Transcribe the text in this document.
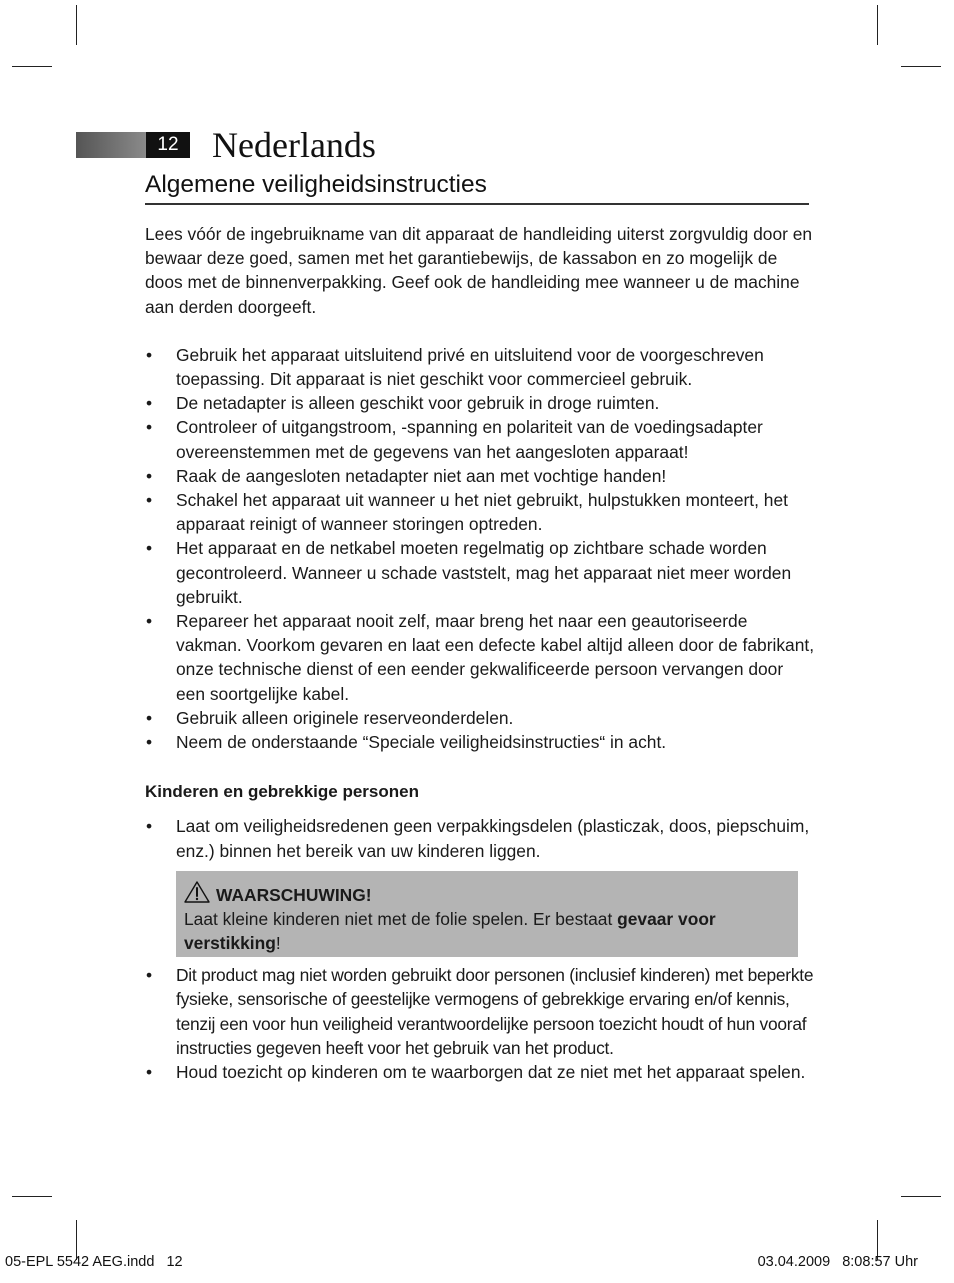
12 Nederlands
Algemene veiligheidsinstructies

Lees vóór de ingebruikname van dit apparaat de handleiding uiterst zorgvuldig door en bewaar deze goed, samen met het garantiebewijs, de kassabon en zo mogelijk de doos met de binnenverpakking. Geef ook de handleiding mee wanneer u de machine aan derden doorgeeft.

• Gebruik het apparaat uitsluitend privé en uitsluitend voor de voorgeschreven toepassing. Dit apparaat is niet geschikt voor commercieel gebruik.
• De netadapter is alleen geschikt voor gebruik in droge ruimten.
• Controleer of uitgangstroom, -spanning en polariteit van de voedingsadapter overeenstemmen met de gegevens van het aangesloten apparaat!
• Raak de aangesloten netadapter niet aan met vochtige handen!
• Schakel het apparaat uit wanneer u het niet gebruikt, hulpstukken monteert, het apparaat reinigt of wanneer storingen optreden.
• Het apparaat en de netkabel moeten regelmatig op zichtbare schade worden gecontroleerd. Wanneer u schade vaststelt, mag het apparaat niet meer worden gebruikt.
• Repareer het apparaat nooit zelf, maar breng het naar een geautoriseerde vakman. Voorkom gevaren en laat een defecte kabel altijd alleen door de fabrikant, onze technische dienst of een eender gekwalificeerde persoon vervangen door een soortgelijke kabel.
• Gebruik alleen originele reserveonderdelen.
• Neem de onderstaande “Speciale veiligheidsinstructies“ in acht.

Kinderen en gebrekkige personen

• Laat om veiligheidsredenen geen verpakkingsdelen (plasticzak, doos, piepschuim, enz.) binnen het bereik van uw kinderen liggen.
WAARSCHUWING!
Laat kleine kinderen niet met de folie spelen. Er bestaat gevaar voor verstikking!
• Dit product mag niet worden gebruikt door personen (inclusief kinderen) met beperkte fysieke, sensorische of geestelijke vermogens of gebrekkige ervaring en/of kennis, tenzij een voor hun veiligheid verantwoordelijke persoon toezicht houdt of hun vooraf instructies gegeven heeft voor het gebruik van het product.
• Houd toezicht op kinderen om te waarborgen dat ze niet met het apparaat spelen.
05-EPL 5542 AEG.indd   12	03.04.2009   8:08:57 Uhr
